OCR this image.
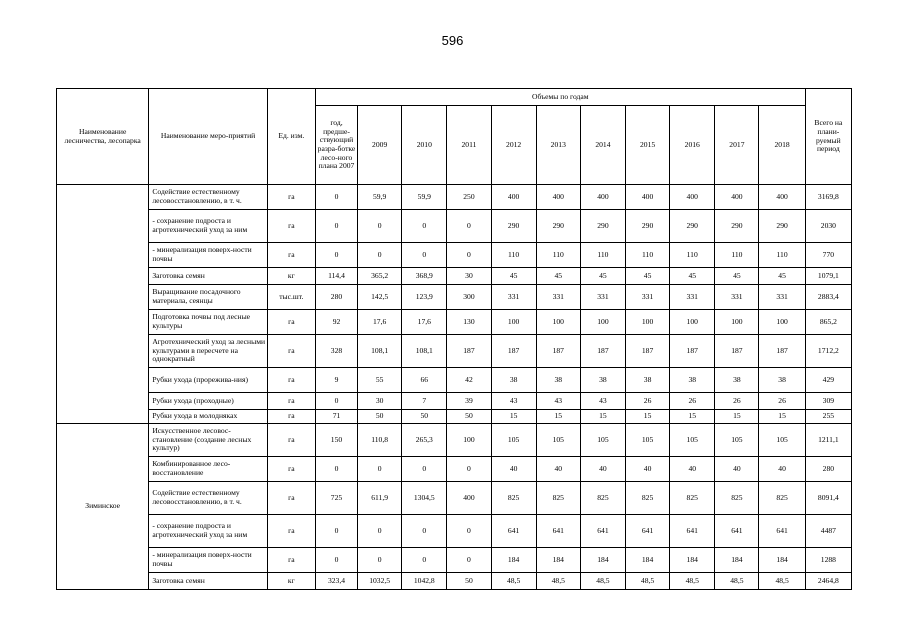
596
Наименование лесничества, лесопарка	Наименование меро-приятий	Ед. изм.	Объемы по годам											Всего на плани-руемый период
			год, предше-ствующий разра-ботке лесо-ного плана 2007	2009	2010	2011	2012	2013	2014	2015	2016	2017	2018	
	Содействие естественному лесовосстановлению, в т. ч.	га	0	59,9	59,9	250	400	400	400	400	400	400	400	3169,8
	- сохранение подроста и агротехнический уход за ним	га	0	0	0	0	290	290	290	290	290	290	290	2030
	- минерализация поверх-ности почвы	га	0	0	0	0	110	110	110	110	110	110	110	770
	Заготовка семян	кг	114,4	365,2	368,9	30	45	45	45	45	45	45	45	1079,1
	Выращивание посадочного материала, сеянцы	тыс.шт.	280	142,5	123,9	300	331	331	331	331	331	331	331	2883,4
	Подготовка почвы под лесные культуры	га	92	17,6	17,6	130	100	100	100	100	100	100	100	865,2
	Агротехнический уход за лесными культурами в пересчете на однократный	га	328	108,1	108,1	187	187	187	187	187	187	187	187	1712,2
	Рубки ухода (прорежива-ния)	га	9	55	66	42	38	38	38	38	38	38	38	429
	Рубки ухода (проходные)	га	0	30	7	39	43	43	43	26	26	26	26	309
	Рубки ухода в молодняках	га	71	50	50	50	15	15	15	15	15	15	15	255
Зиминское	Искусственное лесовос-становление (создание лесных культур)	га	150	110,8	265,3	100	105	105	105	105	105	105	105	1211,1
	Комбинированное лесо-восстановление	га	0	0	0	0	40	40	40	40	40	40	40	280
	Содействие естественному лесовосстановлению, в т. ч.	га	725	611,9	1304,5	400	825	825	825	825	825	825	825	8091,4
	- сохранение подроста и агротехнический уход за ним	га	0	0	0	0	641	641	641	641	641	641	641	4487
	- минерализация поверх-ности почвы	га	0	0	0	0	184	184	184	184	184	184	184	1288
	Заготовка семян	кг	323,4	1032,5	1042,8	50	48,5	48,5	48,5	48,5	48,5	48,5	48,5	2464,8
